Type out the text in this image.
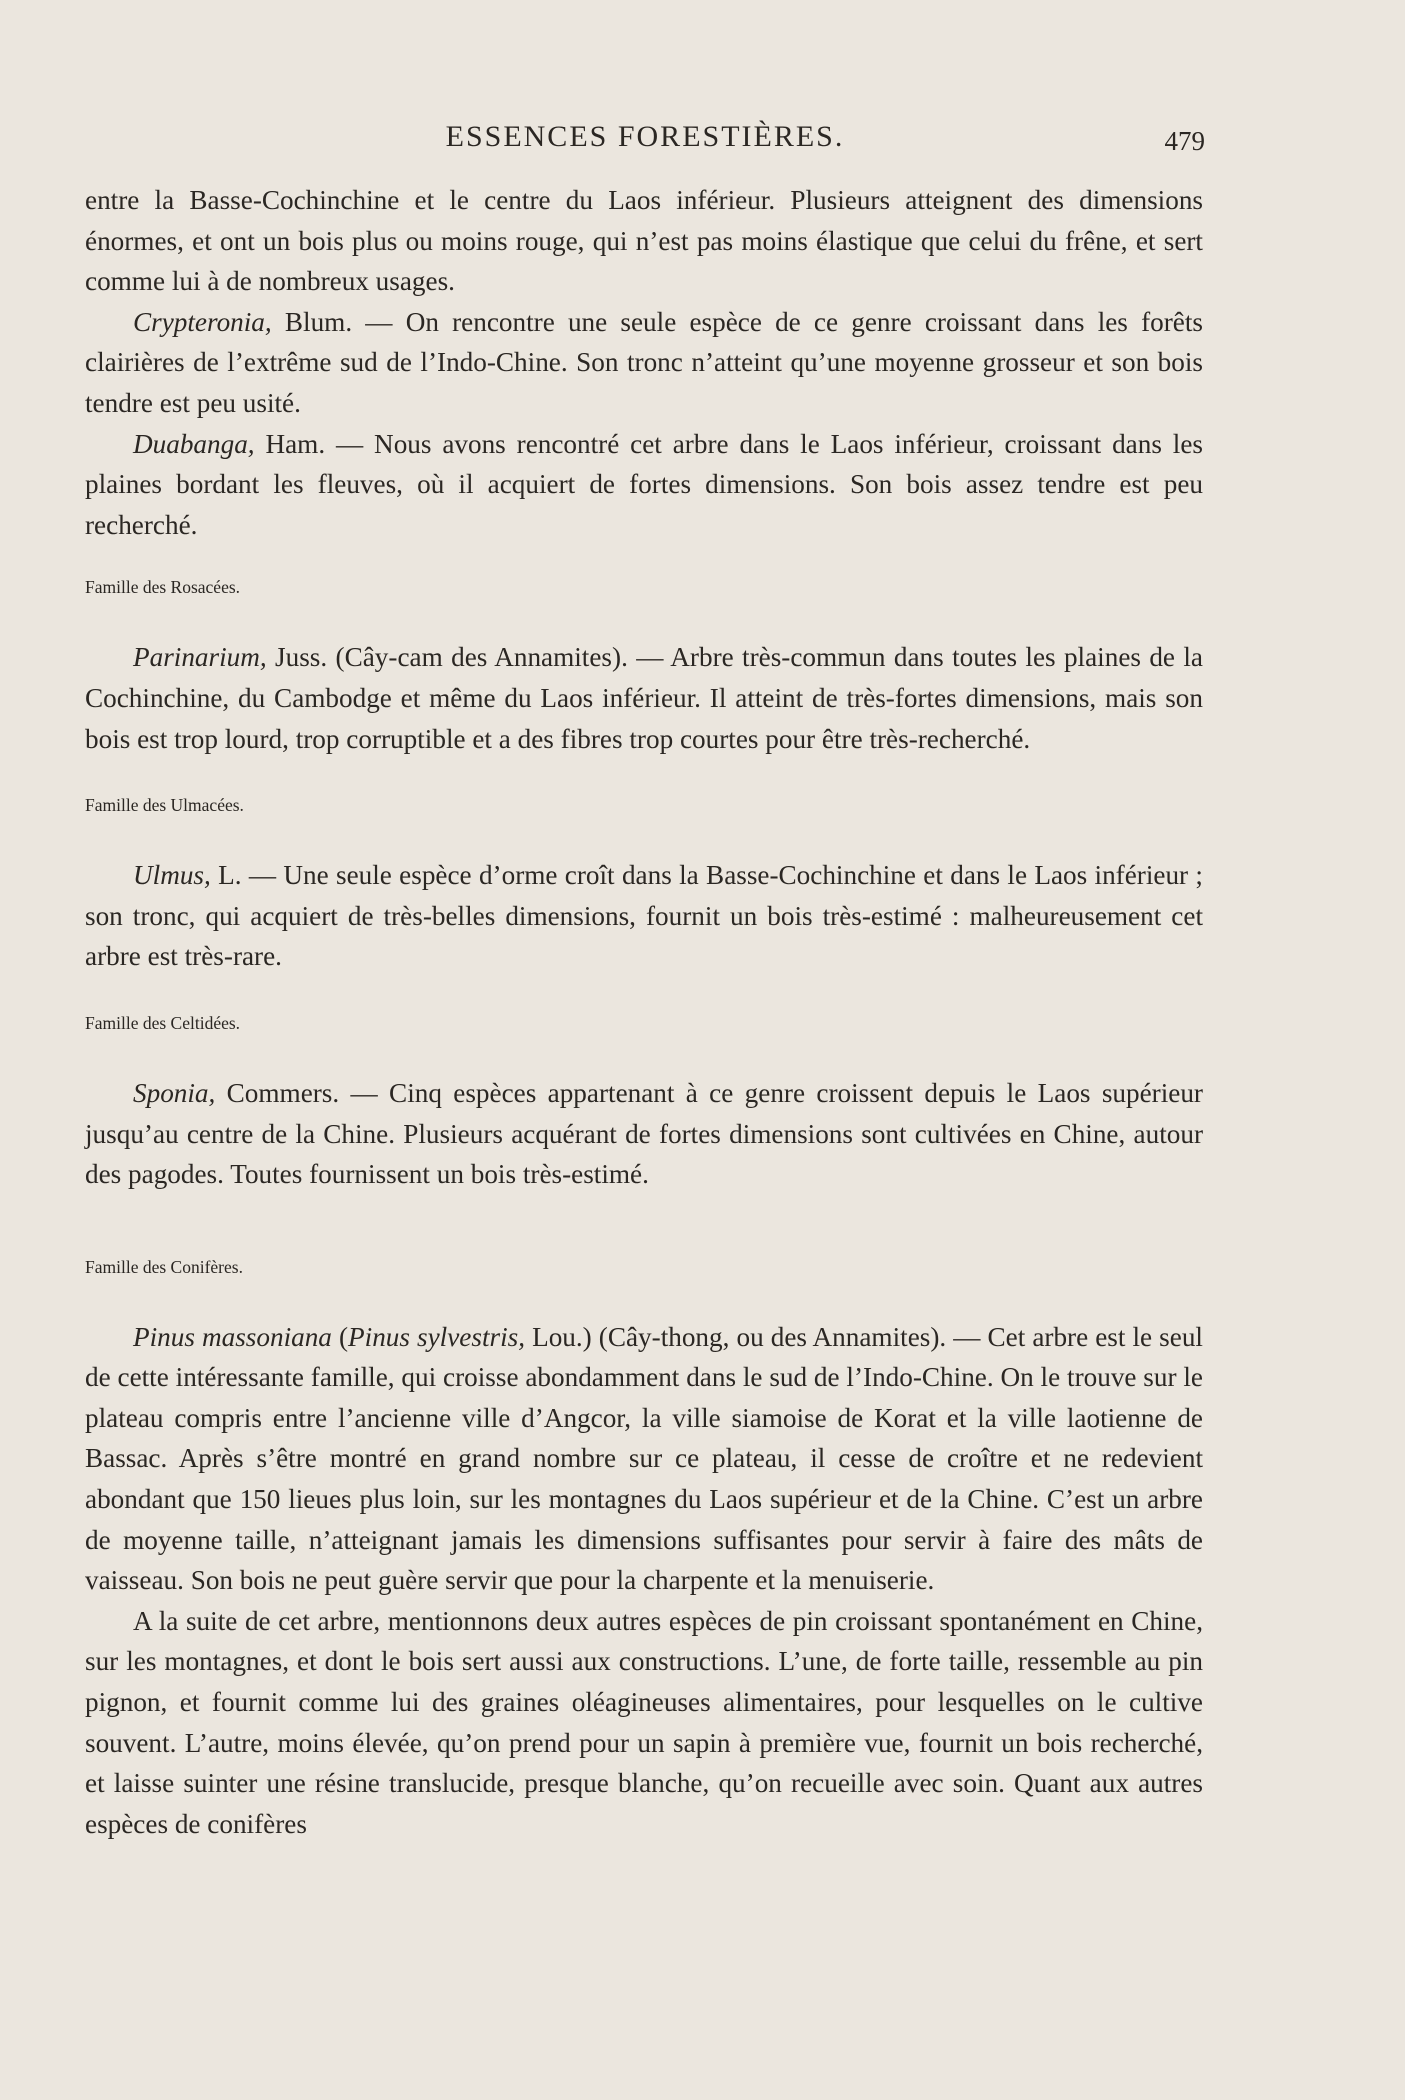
ESSENCES FORESTIÈRES.	479

entre la Basse-Cochinchine et le centre du Laos inférieur. Plusieurs atteignent des dimensions énormes, et ont un bois plus ou moins rouge, qui n’est pas moins élastique que celui du frêne, et sert comme lui à de nombreux usages.

Crypteronia, Blum. — On rencontre une seule espèce de ce genre croissant dans les forêts clairières de l’extrême sud de l’Indo-Chine. Son tronc n’atteint qu’une moyenne grosseur et son bois tendre est peu usité.

Duabanga, Ham. — Nous avons rencontré cet arbre dans le Laos inférieur, croissant dans les plaines bordant les fleuves, où il acquiert de fortes dimensions. Son bois assez tendre est peu recherché.

Famille des Rosacées.

Parinarium, Juss. (Cây-cam des Annamites). — Arbre très-commun dans toutes les plaines de la Cochinchine, du Cambodge et même du Laos inférieur. Il atteint de très-fortes dimensions, mais son bois est trop lourd, trop corruptible et a des fibres trop courtes pour être très-recherché.

Famille des Ulmacées.

Ulmus, L. — Une seule espèce d’orme croît dans la Basse-Cochinchine et dans le Laos inférieur ; son tronc, qui acquiert de très-belles dimensions, fournit un bois très-estimé : malheureusement cet arbre est très-rare.

Famille des Celtidées.

Sponia, Commers. — Cinq espèces appartenant à ce genre croissent depuis le Laos supérieur jusqu’au centre de la Chine. Plusieurs acquérant de fortes dimensions sont cultivées en Chine, autour des pagodes. Toutes fournissent un bois très-estimé.

Famille des Conifères.

Pinus massoniana (Pinus sylvestris, Lou.) (Cây-thong, ou des Annamites). — Cet arbre est le seul de cette intéressante famille, qui croisse abondamment dans le sud de l’Indo-Chine. On le trouve sur le plateau compris entre l’ancienne ville d’Angcor, la ville siamoise de Korat et la ville laotienne de Bassac. Après s’être montré en grand nombre sur ce plateau, il cesse de croître et ne redevient abondant que 150 lieues plus loin, sur les montagnes du Laos supérieur et de la Chine. C’est un arbre de moyenne taille, n’atteignant jamais les dimensions suffisantes pour servir à faire des mâts de vaisseau. Son bois ne peut guère servir que pour la charpente et la menuiserie.

A la suite de cet arbre, mentionnons deux autres espèces de pin croissant spontanément en Chine, sur les montagnes, et dont le bois sert aussi aux constructions. L’une, de forte taille, ressemble au pin pignon, et fournit comme lui des graines oléagineuses alimentaires, pour lesquelles on le cultive souvent. L’autre, moins élevée, qu’on prend pour un sapin à première vue, fournit un bois recherché, et laisse suinter une résine translucide, presque blanche, qu’on recueille avec soin. Quant aux autres espèces de conifères
